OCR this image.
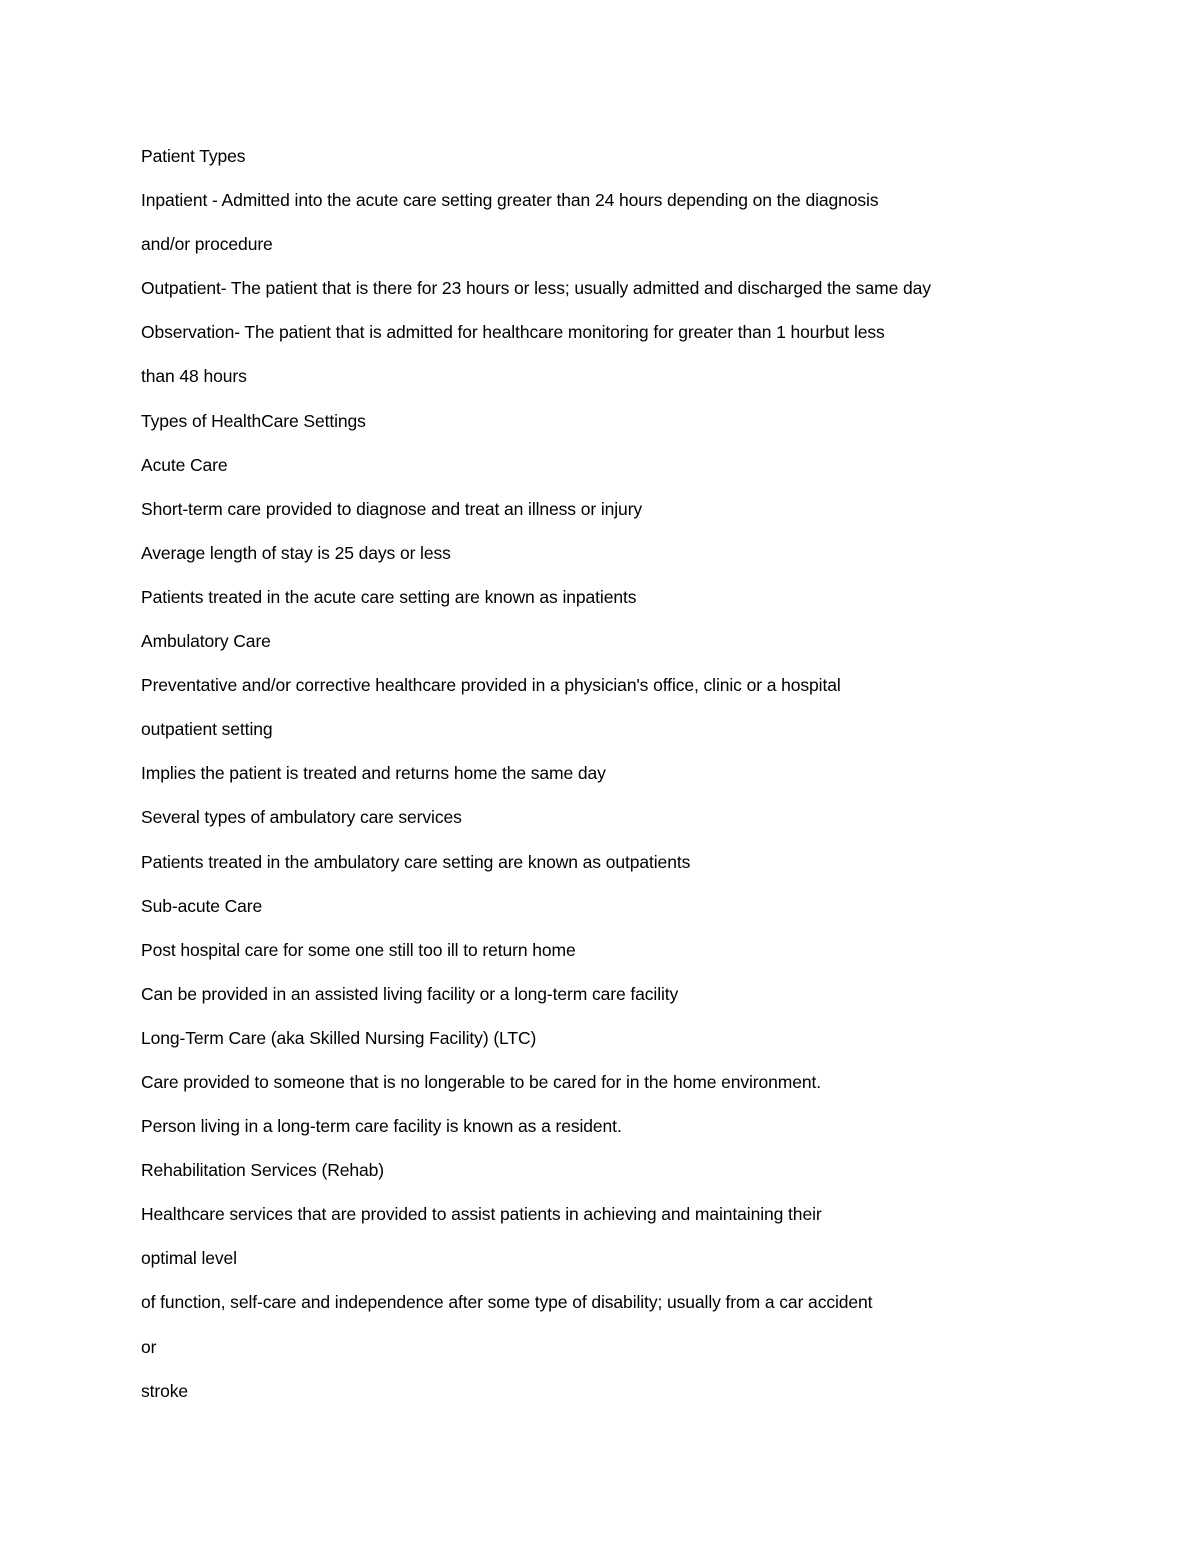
Patient Types
Inpatient - Admitted into the acute care setting greater than 24 hours depending on the diagnosis
and/or procedure
Outpatient- The patient that is there for 23 hours or less; usually admitted and discharged the same day
Observation- The patient that is admitted for healthcare monitoring for greater than 1 hourbut less
than 48 hours
Types of HealthCare Settings
Acute Care
Short-term care provided to diagnose and treat an illness or injury
Average length of stay is 25 days or less
Patients treated in the acute care setting are known as inpatients
Ambulatory Care
Preventative and/or corrective healthcare provided in a physician's office, clinic or a hospital
outpatient setting
Implies the patient is treated and returns home the same day
Several types of ambulatory care services
Patients treated in the ambulatory care setting are known as outpatients
Sub-acute Care
Post hospital care for some one still too ill to return home
Can be provided in an assisted living facility or a long-term care facility
Long-Term Care (aka Skilled Nursing Facility) (LTC)
Care provided to someone that is no longerable to be cared for in the home environment.
Person living in a long-term care facility is known as a resident.
Rehabilitation Services (Rehab)
Healthcare services that are provided to assist patients in achieving and maintaining their
optimal level
of function, self-care and independence after some type of disability; usually from a car accident
or
stroke
